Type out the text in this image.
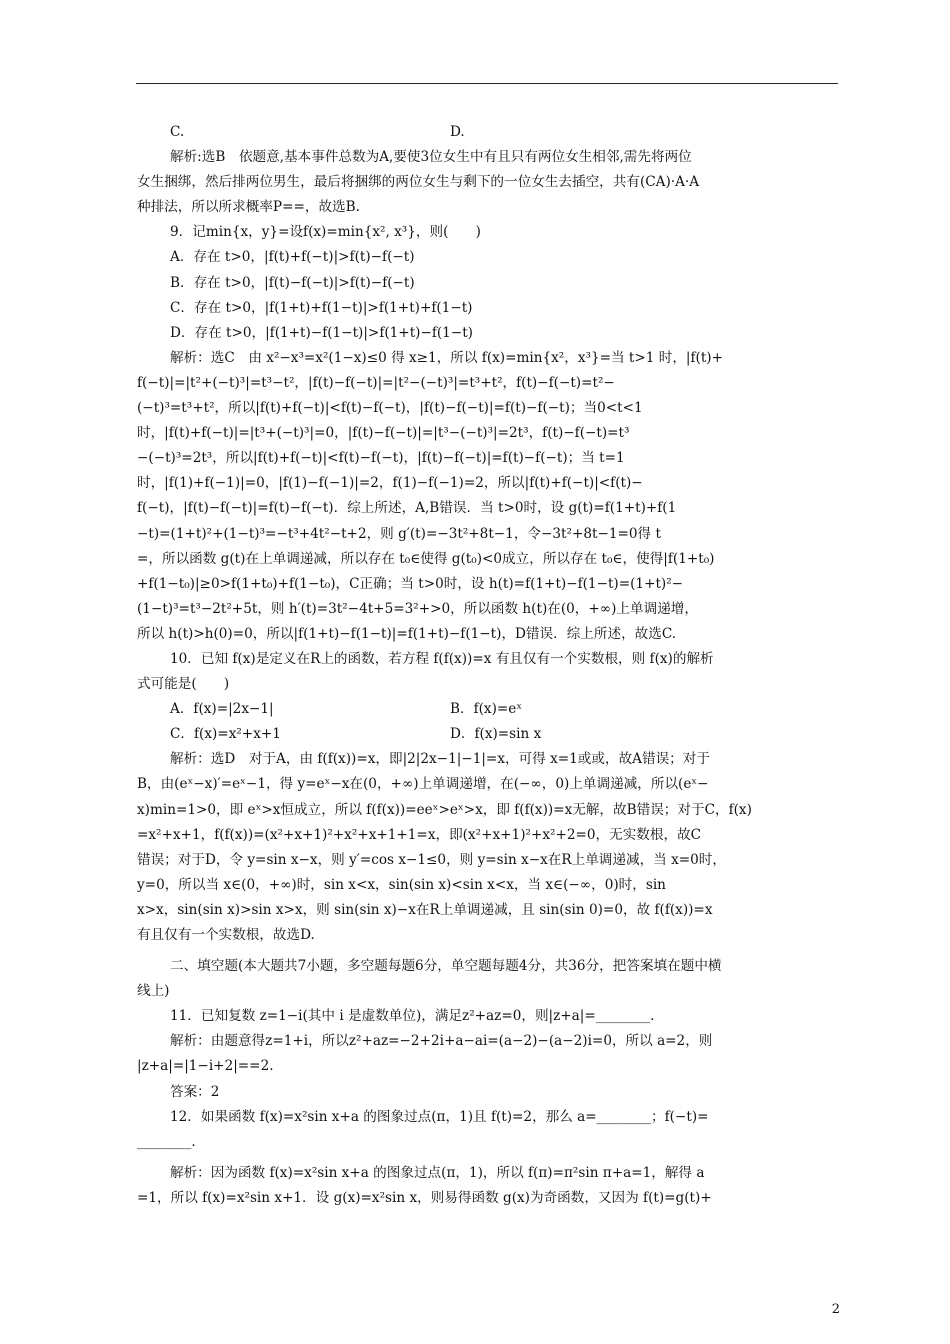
C.	D.
解析:选B　依题意,基本事件总数为A,要使3位女生中有且只有两位女生相邻,需先将两位
女生捆绑，然后排两位男生，最后将捆绑的两位女生与剩下的一位女生去插空，共有(CA)·A·A
种排法，所以所求概率P==，故选B.
9．记min{x，y}=设f(x)=min{x², x³}，则(　　)
A．存在 t>0，|f(t)+f(−t)|>f(t)−f(−t)
B．存在 t>0，|f(t)−f(−t)|>f(t)−f(−t)
C．存在 t>0，|f(1+t)+f(1−t)|>f(1+t)+f(1−t)
D．存在 t>0，|f(1+t)−f(1−t)|>f(1+t)−f(1−t)
解析：选C　由 x²−x³=x²(1−x)≤0 得 x≥1，所以 f(x)=min{x²，x³}=当 t>1 时，|f(t)+
f(−t)|=|t²+(−t)³|=t³−t²，|f(t)−f(−t)|=|t²−(−t)³|=t³+t²，f(t)−f(−t)=t²−
(−t)³=t³+t²，所以|f(t)+f(−t)|<f(t)−f(−t)，|f(t)−f(−t)|=f(t)−f(−t)；当0<t<1
时，|f(t)+f(−t)|=|t³+(−t)³|=0，|f(t)−f(−t)|=|t³−(−t)³|=2t³，f(t)−f(−t)=t³
−(−t)³=2t³，所以|f(t)+f(−t)|<f(t)−f(−t)，|f(t)−f(−t)|=f(t)−f(−t)；当 t=1
时，|f(1)+f(−1)|=0，|f(1)−f(−1)|=2，f(1)−f(−1)=2，所以|f(t)+f(−t)|<f(t)−
f(−t)，|f(t)−f(−t)|=f(t)−f(−t)．综上所述，A,B错误．当 t>0时，设 g(t)=f(1+t)+f(1
−t)=(1+t)²+(1−t)³=−t³+4t²−t+2，则 g′(t)=−3t²+8t−1，令−3t²+8t−1=0得 t
=，所以函数 g(t)在上单调递减，所以存在 t₀∈使得 g(t₀)<0成立，所以存在 t₀∈，使得|f(1+t₀)
+f(1−t₀)|≥0>f(1+t₀)+f(1−t₀)，C正确；当 t>0时，设 h(t)=f(1+t)−f(1−t)=(1+t)²−
(1−t)³=t³−2t²+5t，则 h′(t)=3t²−4t+5=3²+>0，所以函数 h(t)在(0，+∞)上单调递增，
所以 h(t)>h(0)=0，所以|f(1+t)−f(1−t)|=f(1+t)−f(1−t)，D错误．综上所述，故选C.
10．已知 f(x)是定义在R上的函数，若方程 f(f(x))=x 有且仅有一个实数根，则 f(x)的解析
式可能是(　　)
A．f(x)=|2x−1|	B．f(x)=eˣ
C．f(x)=x²+x+1	D．f(x)=sin x
解析：选D　对于A，由 f(f(x))=x，即|2|2x−1|−1|=x，可得 x=1或或，故A错误；对于
B，由(eˣ−x)′=eˣ−1，得 y=eˣ−x在(0，+∞)上单调递增，在(−∞，0)上单调递减，所以(eˣ−
x)min=1>0，即 eˣ>x恒成立，所以 f(f(x))=eeˣ>eˣ>x，即 f(f(x))=x无解，故B错误；对于C，f(x)
=x²+x+1，f(f(x))=(x²+x+1)²+x²+x+1+1=x，即(x²+x+1)²+x²+2=0，无实数根，故C
错误；对于D，令 y=sin x−x，则 y′=cos x−1≤0，则 y=sin x−x在R上单调递减，当 x=0时，
y=0，所以当 x∈(0，+∞)时，sin x<x，sin(sin x)<sin x<x，当 x∈(−∞，0)时，sin
x>x，sin(sin x)>sin x>x，则 sin(sin x)−x在R上单调递减，且 sin(sin 0)=0，故 f(f(x))=x
有且仅有一个实数根，故选D.
二、填空题(本大题共7小题，多空题每题6分，单空题每题4分，共36分，把答案填在题中横
线上)
11．已知复数 z=1−i(其中 i 是虚数单位)，满足z²+az=0，则|z+a|=________.
解析：由题意得z=1+i，所以z²+az=−2+2i+a−ai=(a−2)−(a−2)i=0，所以 a=2，则
|z+a|=|1−i+2|==2.
答案：2
12．如果函数 f(x)=x²sin x+a 的图象过点(π，1)且 f(t)=2，那么 a=________；f(−t)=
________.
解析：因为函数 f(x)=x²sin x+a 的图象过点(π，1)，所以 f(π)=π²sin π+a=1，解得 a
=1，所以 f(x)=x²sin x+1．设 g(x)=x²sin x，则易得函数 g(x)为奇函数，又因为 f(t)=g(t)+
2
